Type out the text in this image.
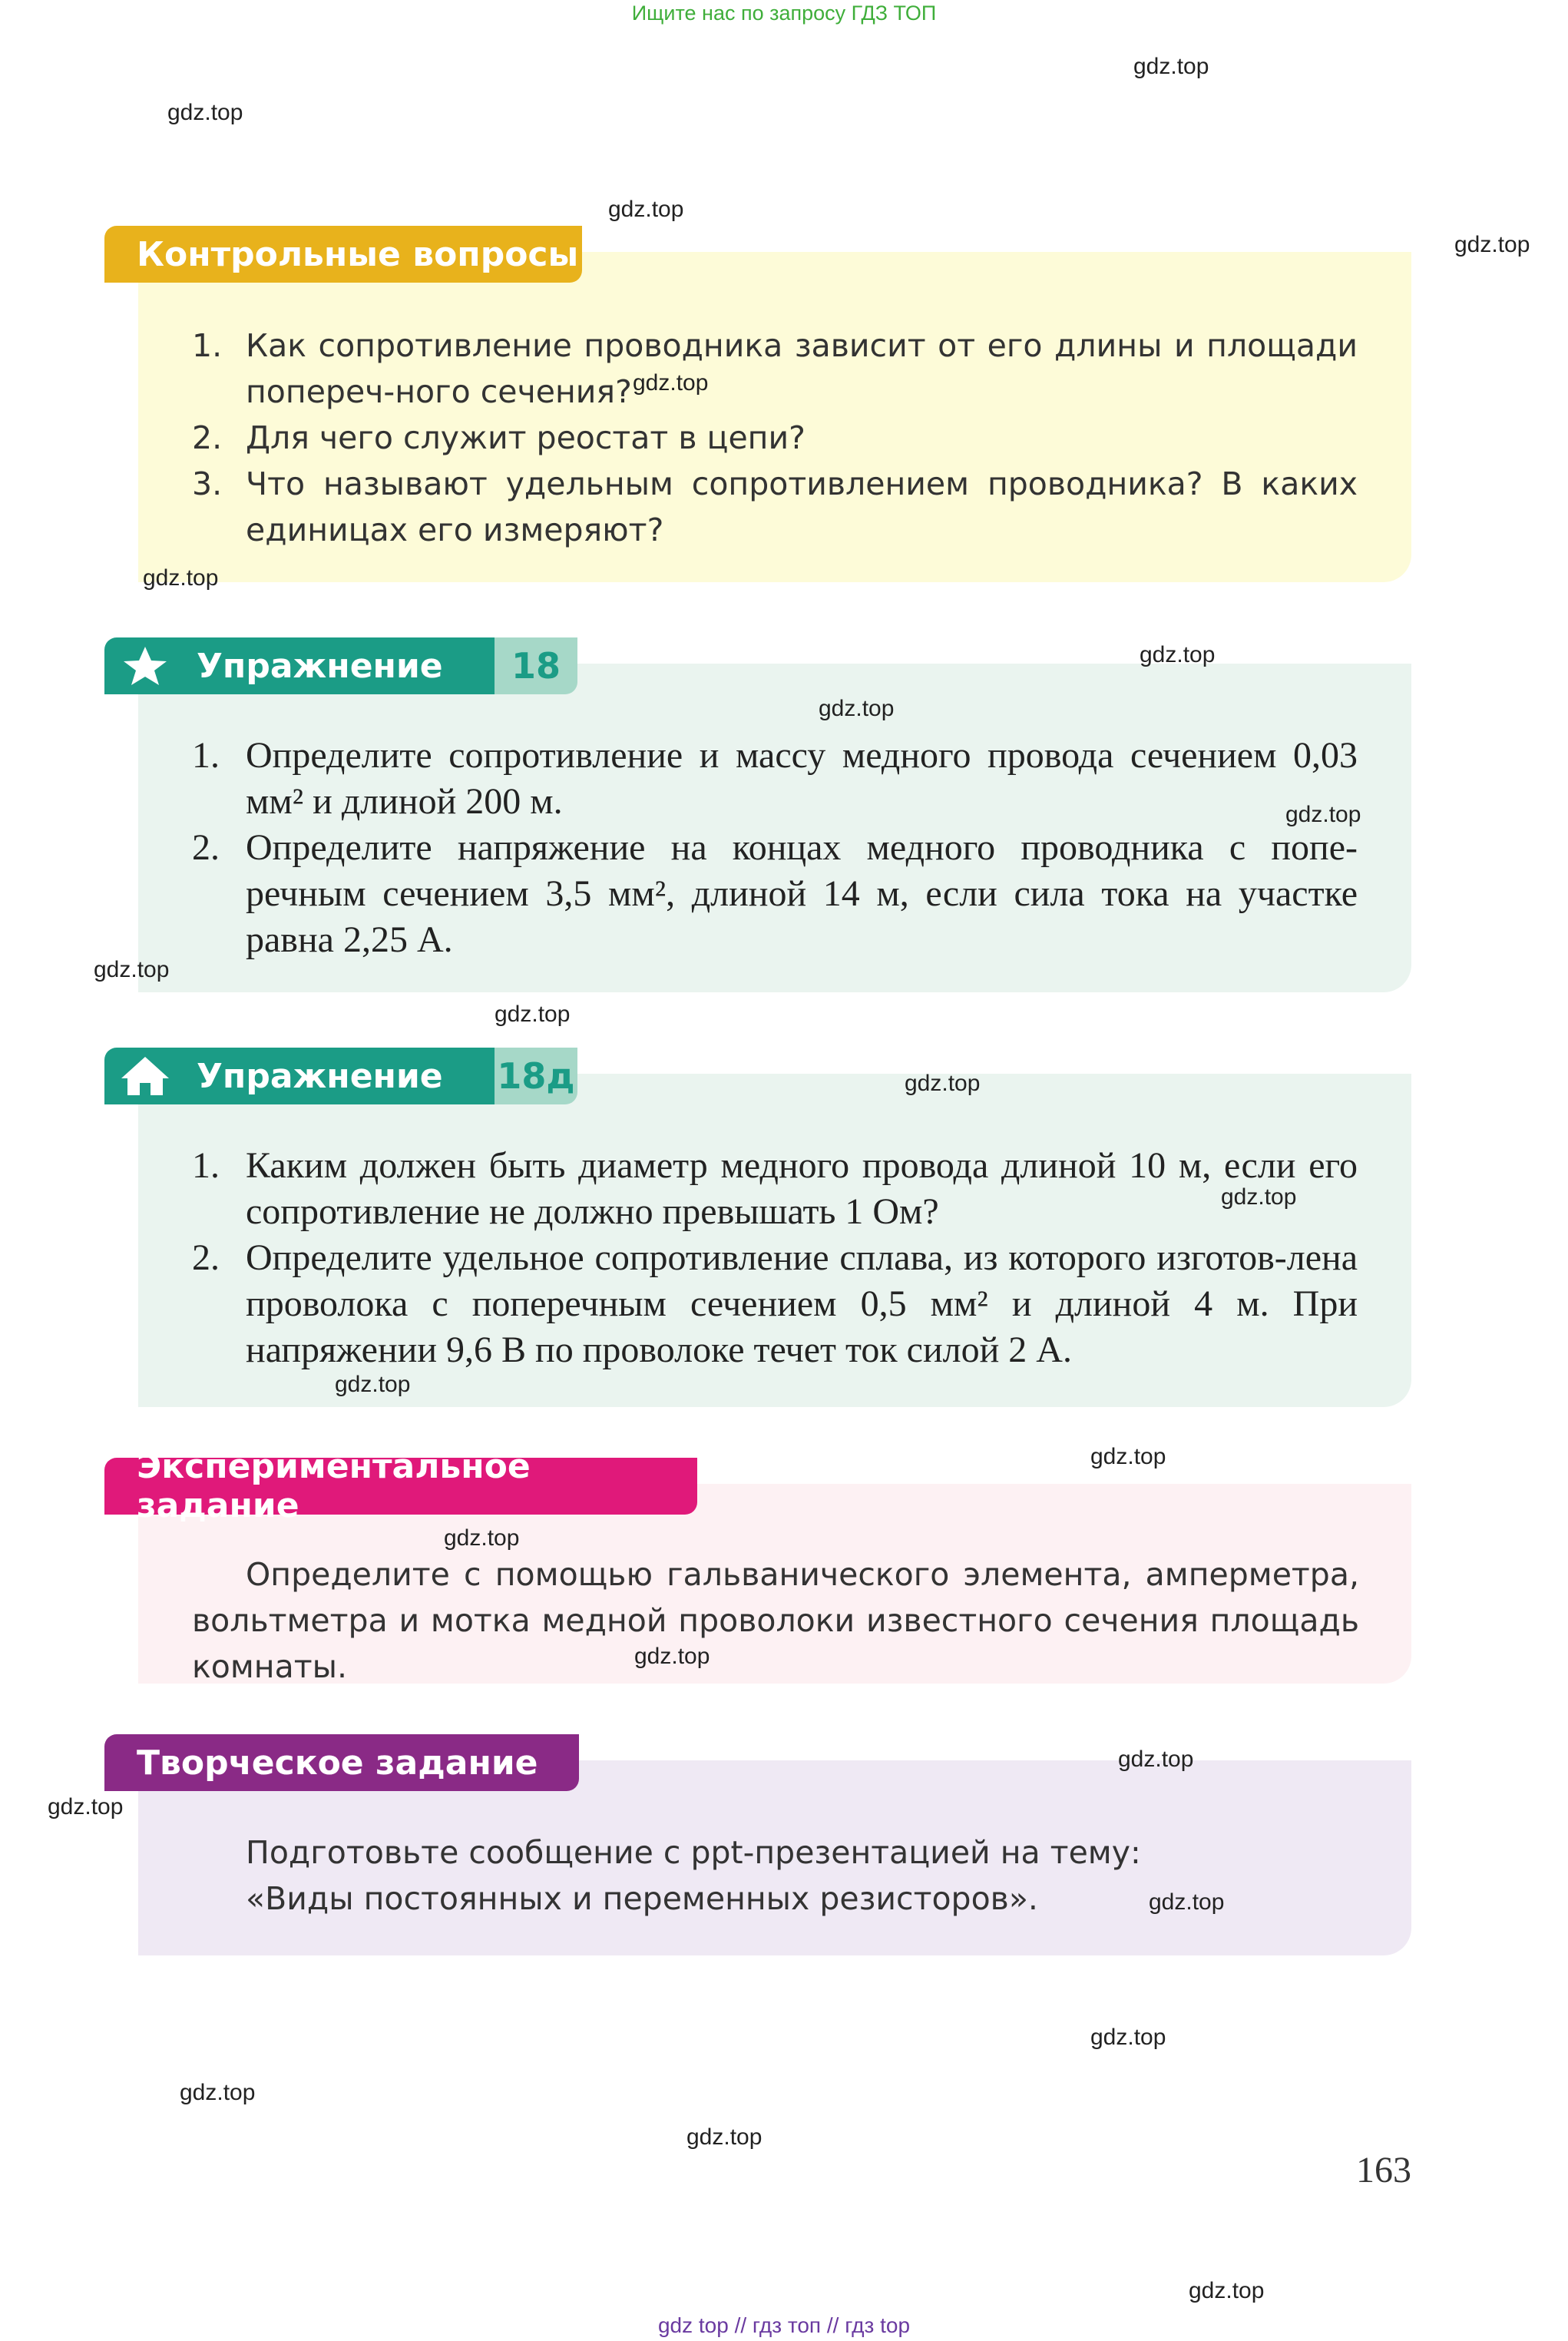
Ищите нас по запросу ГДЗ ТОП
1. Как сопротивление проводника зависит от его длины и площади попереч-ного сечения?
2. Для чего служит реостат в цепи?
3. Что называют удельным сопротивлением проводника? В каких единицах его измеряют?
Контрольные вопросы
1. Определите сопротивление и массу медного провода сечением 0,03 мм² и длиной 200 м.
2. Определите напряжение на концах медного проводника с попе-речным сечением 3,5 мм², длиной 14 м, если сила тока на участке равна 2,25 А.
Упражнение	18
1. Каким должен быть диаметр медного провода длиной 10 м, если его сопротивление не должно превышать 1 Ом?
2. Определите удельное сопротивление сплава, из которого изготов-лена проволока с поперечным сечением 0,5 мм² и длиной 4 м. При напряжении 9,6 В по проволоке течет ток силой 2 А.
Упражнение 18д
Определите с помощью гальванического элемента, амперметра, вольтметра и мотка медной проволоки известного сечения площадь комнаты.
Экспериментальное задание
Подготовьте сообщение с ppt-презентацией на тему:
«Виды постоянных и переменных резисторов».
Творческое задание
gdz.top
gdz.top
gdz.top
gdz.top
gdz.top
gdz.top
gdz.top
gdz.top
gdz.top
gdz.top
gdz.top
gdz.top
gdz.top
gdz.top
gdz.top
gdz.top
gdz.top
gdz.top
gdz.top
gdz.top
gdz.top
gdz.top
gdz.top
gdz.top
163
gdz top // гдз топ // гдз top
